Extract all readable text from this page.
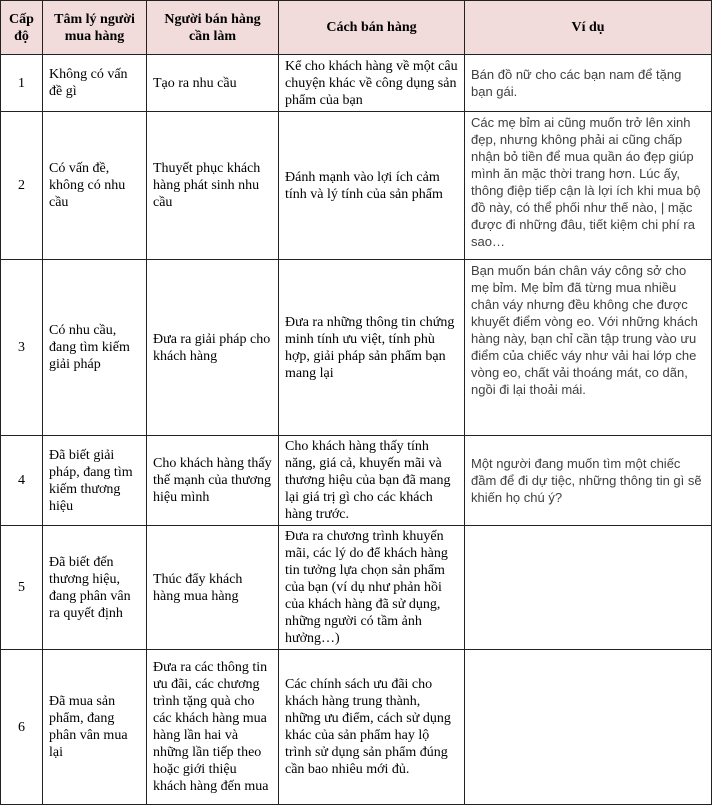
Cấp độ	Tâm lý người mua hàng	Người bán hàng cần làm	Cách bán hàng	Ví dụ
1	Không có vấn đề gì	Tạo ra nhu cầu	Kể cho khách hàng về một câu chuyện khác về công dụng sản phẩm của bạn	Bán đồ nữ cho các bạn nam để tặng bạn gái.
2	Có vấn đề, không có nhu cầu	Thuyết phục khách hàng phát sinh nhu cầu	Đánh mạnh vào lợi ích cảm tính và lý tính của sản phẩm	Các mẹ bỉm ai cũng muốn trở lên xinh đẹp, nhưng không phải ai cũng chấp nhận bỏ tiền để mua quần áo đẹp giúp mình ăn mặc thời trang hơn. Lúc ấy, thông điệp tiếp cận là lợi ích khi mua bộ đồ này, có thể phối như thế nào, | mặc được đi những đâu, tiết kiệm chi phí ra sao…
3	Có nhu cầu, đang tìm kiếm giải pháp	Đưa ra giải pháp cho khách hàng	Đưa ra những thông tin chứng minh tính ưu việt, tính phù hợp, giải pháp sản phẩm bạn mang lại	Bạn muốn bán chân váy công sở cho mẹ bỉm. Mẹ bỉm đã từng mua nhiều chân váy nhưng đều không che được khuyết điểm vòng eo. Với những khách hàng này, bạn chỉ cần tập trung vào ưu điểm của chiếc váy như vải hai lớp che vòng eo, chất vải thoáng mát, co dãn, ngồi đi lại thoải mái.
4	Đã biết giải pháp, đang tìm kiếm thương hiệu	Cho khách hàng thấy thế mạnh của thương hiệu mình	Cho khách hàng thấy tính năng, giá cả, khuyến mãi và thương hiệu của bạn đã mang lại giá trị gì cho các khách hàng trước.	Một người đang muốn tìm một chiếc đầm để đi dự tiệc, những thông tin gì sẽ khiến họ chú ý?
5	Đã biết đến thương hiệu, đang phân vân ra quyết định	Thúc đẩy khách hàng mua hàng	Đưa ra chương trình khuyến mãi, các lý do để khách hàng tin tưởng lựa chọn sản phẩm của bạn (ví dụ như phản hồi của khách hàng đã sử dụng, những người có tầm ảnh hưởng…)	
6	Đã mua sản phẩm, đang phân vân mua lại	Đưa ra các thông tin ưu đãi, các chương trình tặng quà cho các khách hàng mua hàng lần hai và những lần tiếp theo hoặc giới thiệu khách hàng đến mua	Các chính sách ưu đãi cho khách hàng trung thành, những ưu điểm, cách sử dụng khác của sản phẩm hay lộ trình sử dụng sản phẩm đúng cần bao nhiêu mới đủ.	
